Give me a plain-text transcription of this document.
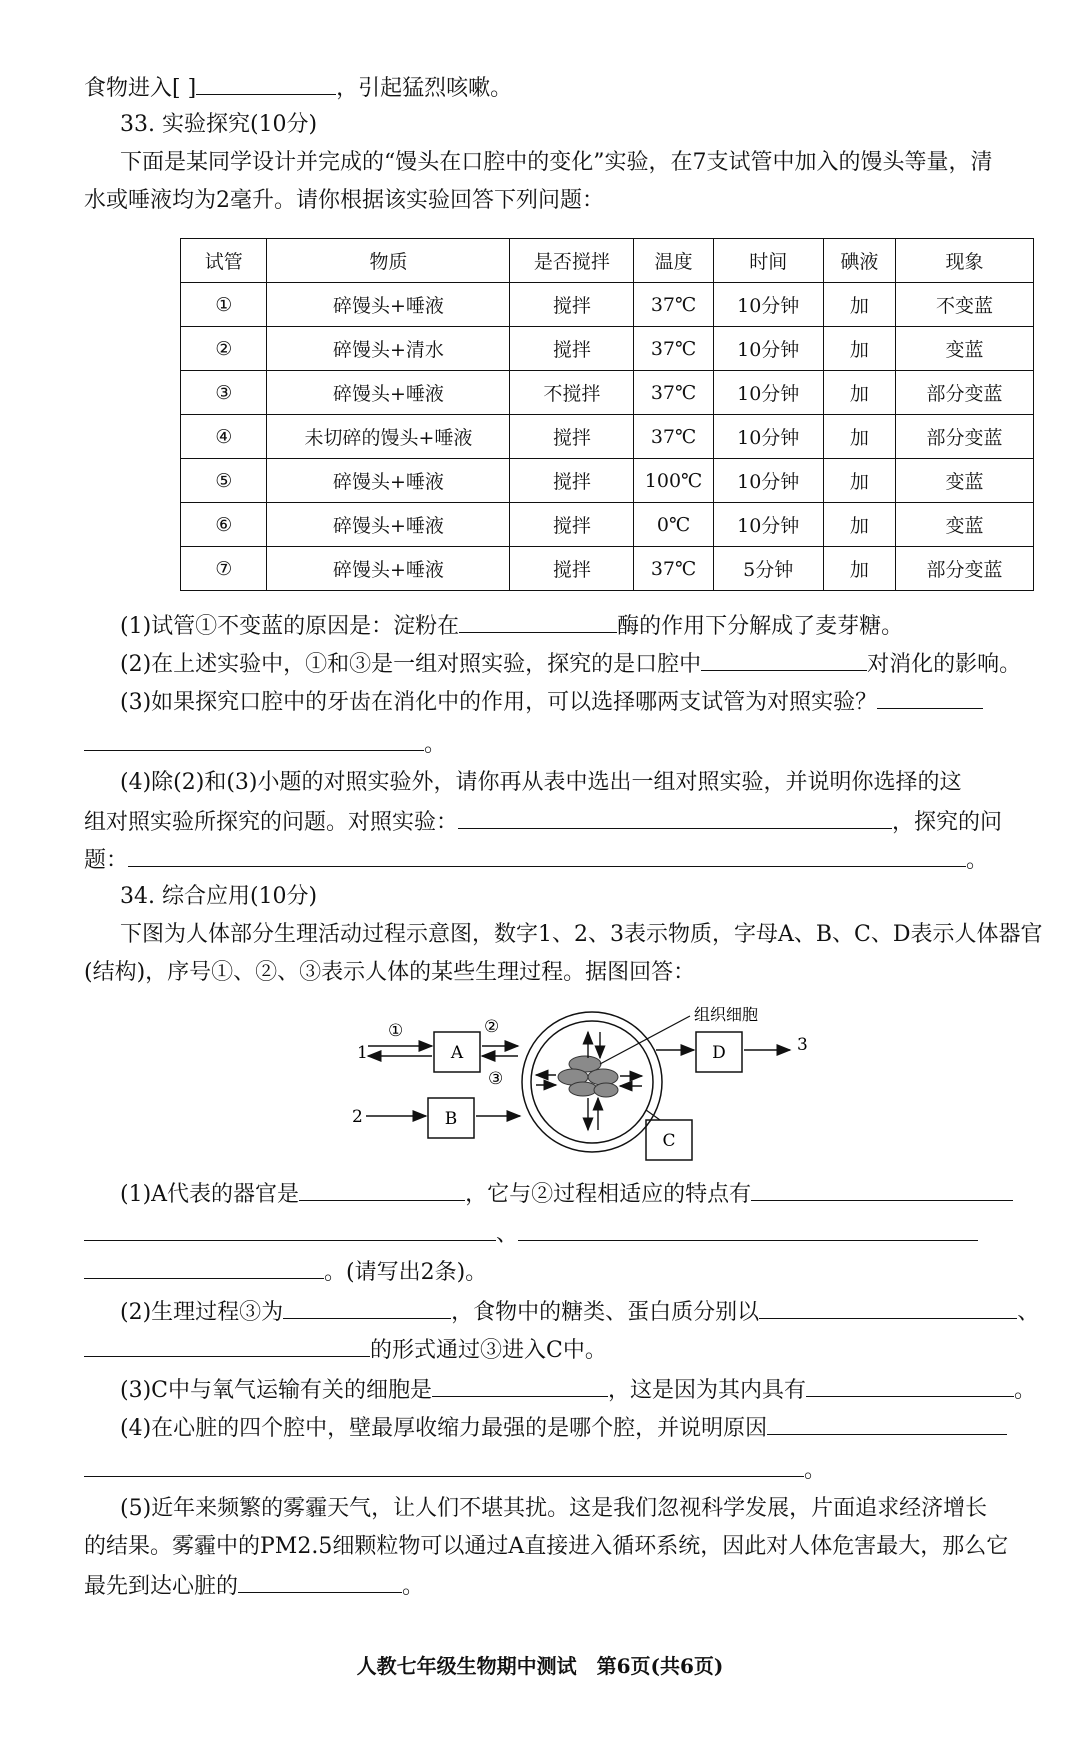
食物进入[ ]	，引起猛烈咳嗽。
33. 实验探究(10分)
下面是某同学设计并完成的“馒头在口腔中的变化”实验，在7支试管中加入的馒头等量，清
水或唾液均为2毫升。请你根据该实验回答下列问题：
试管	物质	是否搅拌	温度	时间	碘液	现象
①	碎馒头+唾液	搅拌	37℃	10分钟	加	不变蓝
②	碎馒头+清水	搅拌	37℃	10分钟	加	变蓝
③	碎馒头+唾液	不搅拌	37℃	10分钟	加	部分变蓝
④	未切碎的馒头+唾液	搅拌	37℃	10分钟	加	部分变蓝
⑤	碎馒头+唾液	搅拌	100℃	10分钟	加	变蓝
⑥	碎馒头+唾液	搅拌	0℃	10分钟	加	变蓝
⑦	碎馒头+唾液	搅拌	37℃	5分钟	加	部分变蓝
(1)试管①不变蓝的原因是：淀粉在	酶的作用下分解成了麦芽糖。
(2)在上述实验中，①和③是一组对照实验，探究的是口腔中	对消化的影响。
(3)如果探究口腔中的牙齿在消化中的作用，可以选择哪两支试管为对照实验？
。
(4)除(2)和(3)小题的对照实验外，请你再从表中选出一组对照实验，并说明你选择的这
组对照实验所探究的问题。对照实验：	，探究的问
题：	。
34. 综合应用(10分)
下图为人体部分生理活动过程示意图，数字1、2、3表示物质，字母A、B、C、D表示人体器官
(结构)，序号①、②、③表示人体的某些生理过程。据图回答：
A
B
D
C
1
2
3
①	②
③
组织细胞
(1)A代表的器官是	，它与②过程相适应的特点有
、
。(请写出2条)。
(2)生理过程③为	，食物中的糖类、蛋白质分别以	、
的形式通过③进入C中。
(3)C中与氧气运输有关的细胞是	，这是因为其内具有	。
(4)在心脏的四个腔中，壁最厚收缩力最强的是哪个腔，并说明原因
。
(5)近年来频繁的雾霾天气，让人们不堪其扰。这是我们忽视科学发展，片面追求经济增长
的结果。雾霾中的PM2.5细颗粒物可以通过A直接进入循环系统，因此对人体危害最大，那么它
最先到达心脏的	。
人教七年级生物期中测试　第6页(共6页)
